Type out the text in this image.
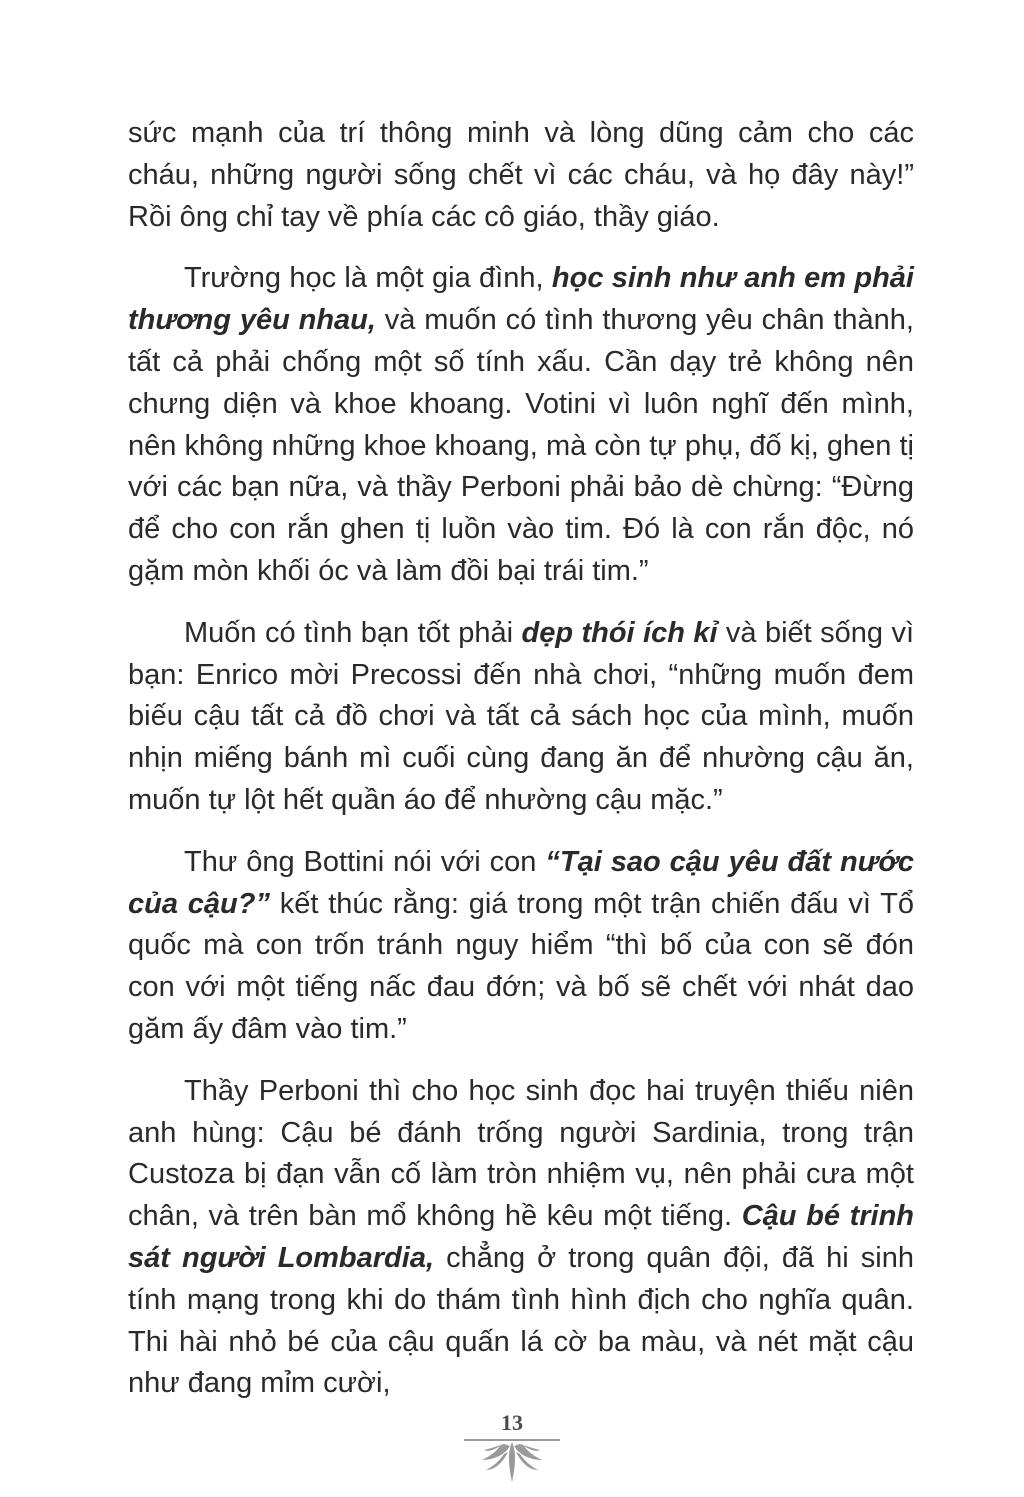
sức mạnh của trí thông minh và lòng dũng cảm cho các cháu, những người sống chết vì các cháu, và họ đây này!” Rồi ông chỉ tay về phía các cô giáo, thầy giáo.

Trường học là một gia đình, học sinh như anh em phải thương yêu nhau, và muốn có tình thương yêu chân thành, tất cả phải chống một số tính xấu. Cần dạy trẻ không nên chưng diện và khoe khoang. Votini vì luôn nghĩ đến mình, nên không những khoe khoang, mà còn tự phụ, đố kị, ghen tị với các bạn nữa, và thầy Perboni phải bảo dè chừng: “Đừng để cho con rắn ghen tị luồn vào tim. Đó là con rắn độc, nó gặm mòn khối óc và làm đồi bại trái tim.”

Muốn có tình bạn tốt phải dẹp thói ích kỉ và biết sống vì bạn: Enrico mời Precossi đến nhà chơi, “những muốn đem biếu cậu tất cả đồ chơi và tất cả sách học của mình, muốn nhịn miếng bánh mì cuối cùng đang ăn để nhường cậu ăn, muốn tự lột hết quần áo để nhường cậu mặc.”

Thư ông Bottini nói với con “Tại sao cậu yêu đất nước của cậu?” kết thúc rằng: giá trong một trận chiến đấu vì Tổ quốc mà con trốn tránh nguy hiểm “thì bố của con sẽ đón con với một tiếng nấc đau đớn; và bố sẽ chết với nhát dao găm ấy đâm vào tim.”

Thầy Perboni thì cho học sinh đọc hai truyện thiếu niên anh hùng: Cậu bé đánh trống người Sardinia, trong trận Custoza bị đạn vẫn cố làm tròn nhiệm vụ, nên phải cưa một chân, và trên bàn mổ không hề kêu một tiếng. Cậu bé trinh sát người Lombardia, chẳng ở trong quân đội, đã hi sinh tính mạng trong khi do thám tình hình địch cho nghĩa quân. Thi hài nhỏ bé của cậu quấn lá cờ ba màu, và nét mặt cậu như đang mỉm cười,

13
